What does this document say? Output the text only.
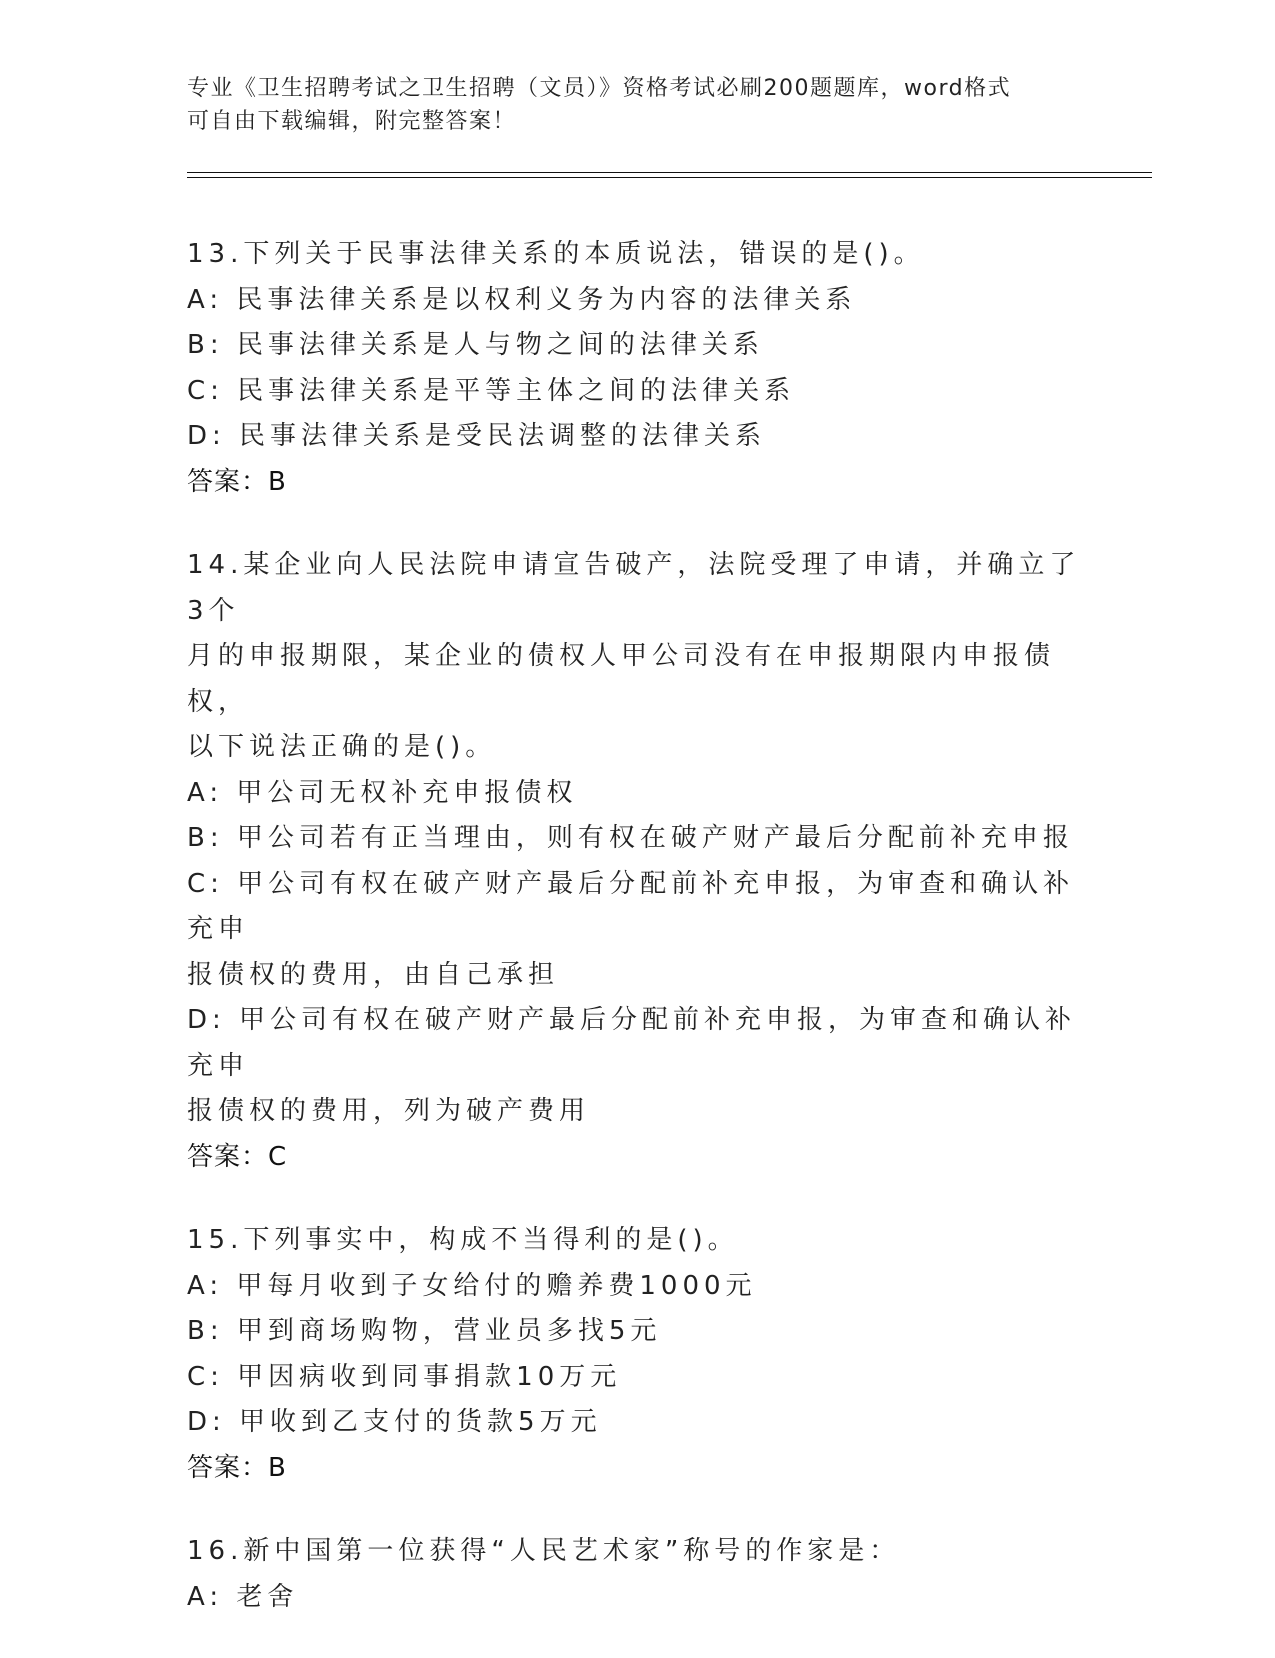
专业《卫生招聘考试之卫生招聘（文员）》资格考试必刷200题题库，word格式
可自由下载编辑，附完整答案！
13.下列关于民事法律关系的本质说法，错误的是()。
A: 民事法律关系是以权利义务为内容的法律关系
B: 民事法律关系是人与物之间的法律关系
C: 民事法律关系是平等主体之间的法律关系
D: 民事法律关系是受民法调整的法律关系
答案：B
14.某企业向人民法院申请宣告破产，法院受理了申请，并确立了3个
月的申报期限，某企业的债权人甲公司没有在申报期限内申报债权，
以下说法正确的是()。
A: 甲公司无权补充申报债权
B: 甲公司若有正当理由，则有权在破产财产最后分配前补充申报
C: 甲公司有权在破产财产最后分配前补充申报，为审查和确认补充申
报债权的费用，由自己承担
D: 甲公司有权在破产财产最后分配前补充申报，为审查和确认补充申
报债权的费用，列为破产费用
答案：C
15.下列事实中，构成不当得利的是()。
A: 甲每月收到子女给付的赡养费1000元
B: 甲到商场购物，营业员多找5元
C: 甲因病收到同事捐款10万元
D: 甲收到乙支付的货款5万元
答案：B
16.新中国第一位获得“人民艺术家”称号的作家是：
A: 老舍
